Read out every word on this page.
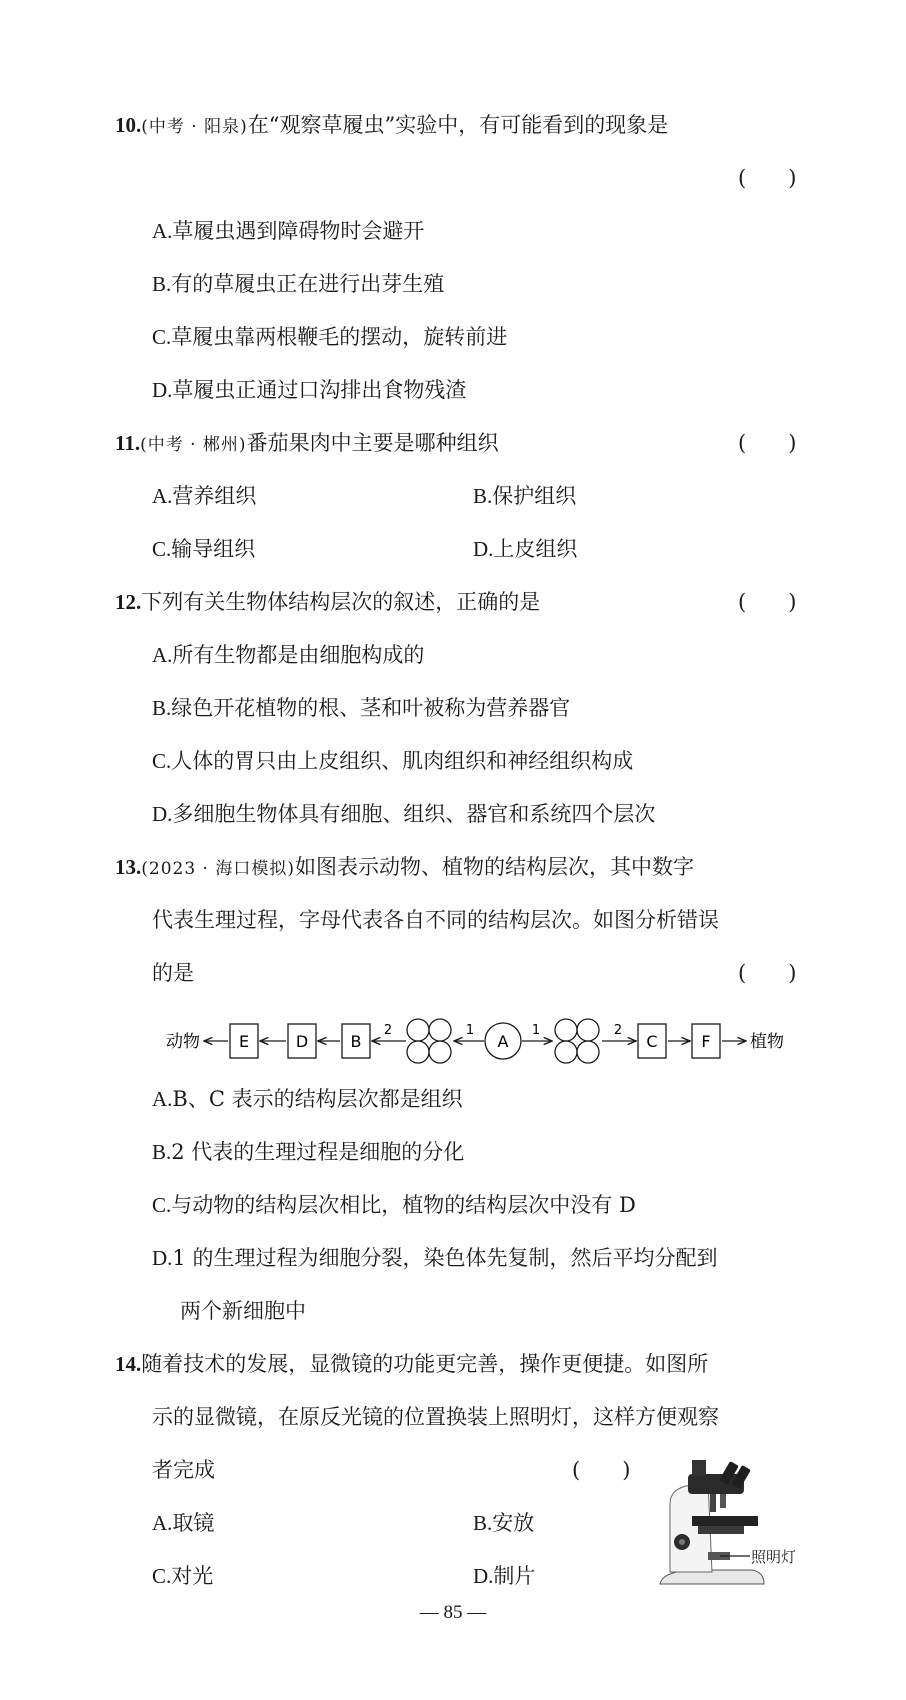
10.(中考 · 阳泉)在“观察草履虫”实验中，有可能看到的现象是
(　　)
A.草履虫遇到障碍物时会避开
B.有的草履虫正在进行出芽生殖
C.草履虫靠两根鞭毛的摆动，旋转前进
D.草履虫正通过口沟排出食物残渣
11.(中考 · 郴州)番茄果肉中主要是哪种组织	(　　)
A.营养组织	B.保护组织
C.输导组织	D.上皮组织
12.下列有关生物体结构层次的叙述，正确的是	(　　)
A.所有生物都是由细胞构成的
B.绿色开花植物的根、茎和叶被称为营养器官
C.人体的胃只由上皮组织、肌肉组织和神经组织构成
D.多细胞生物体具有细胞、组织、器官和系统四个层次
13.(2023 · 海口模拟)如图表示动物、植物的结构层次，其中数字
代表生理过程，字母代表各自不同的结构层次。如图分析错误
的是	(　　)
动物 E	D	B
2	1
A
1	2
C	F 植物
A.B、C 表示的结构层次都是组织
B.2 代表的生理过程是细胞的分化
C.与动物的结构层次相比，植物的结构层次中没有 D
D.1 的生理过程为细胞分裂，染色体先复制，然后平均分配到
两个新细胞中
14.随着技术的发展，显微镜的功能更完善，操作更便捷。如图所
示的显微镜，在原反光镜的位置换装上照明灯，这样方便观察
者完成	(　　)
A.取镜	B.安放
C.对光	D.制片
照明灯
— 85 —
